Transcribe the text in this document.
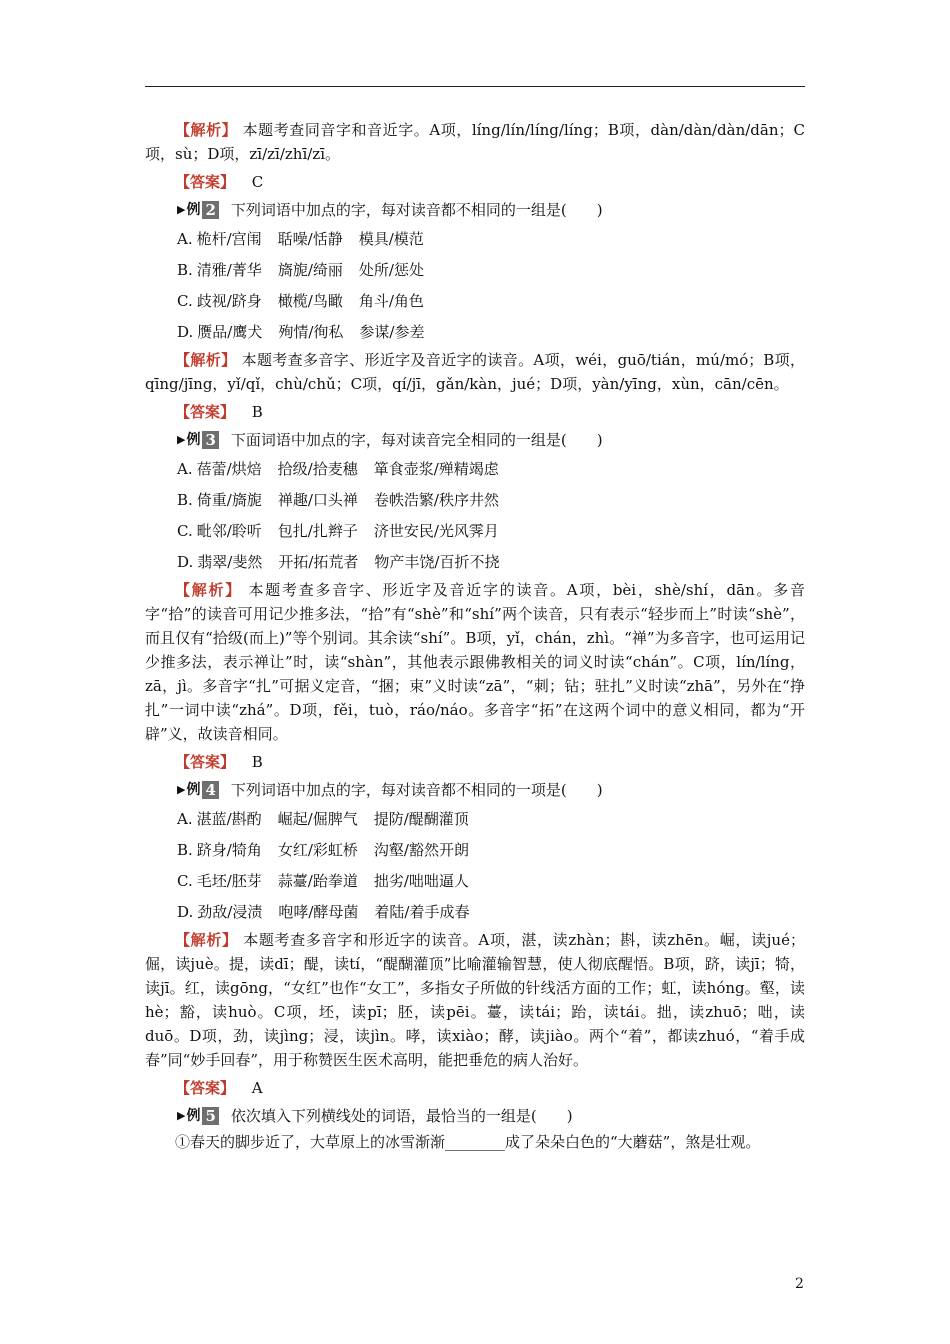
【解析】 本题考查同音字和音近字。A项，líng/lín/líng/líng；B项，dàn/dàn/dàn/dān；C项，sù；D项，zī/zī/zhī/zī。

【答案】 C

▶ 例 2 下列词语中加点的字，每对读音都不相同的一组是(　　)
A. 桅杆/宫闱 聒噪/恬静 模具/模范
B. 清雅/菁华 旖旎/绮丽 处所/惩处
C. 歧视/跻身 橄榄/鸟瞰 角斗/角色
D. 赝品/鹰犬 殉情/徇私 参谋/参差

【解析】 本题考查多音字、形近字及音近字的读音。A项，wéi，guō/tián，mú/mó；B项，qīng/jīng，yǐ/qǐ，chù/chǔ；C项，qí/jī，gǎn/kàn，jué；D项，yàn/yīng，xùn，cān/cēn。

【答案】 B

▶ 例 3 下面词语中加点的字，每对读音完全相同的一组是(　　)
A. 蓓蕾/烘焙 拾级/拾麦穗 箪食壶浆/殚精竭虑
B. 倚重/旖旎 禅趣/口头禅 卷帙浩繁/秩序井然
C. 毗邻/聆听 包扎/扎辫子 济世安民/光风霁月
D. 翡翠/斐然 开拓/拓荒者 物产丰饶/百折不挠

【解析】 本题考查多音字、形近字及音近字的读音。A项，bèi，shè/shí，dān。多音字“拾”的读音可用记少推多法，“拾”有“shè”和“shí”两个读音，只有表示“轻步而上”时读“shè”，而且仅有“拾级(而上)”等个别词。其余读“shí”。B项，yǐ，chán，zhì。“禅”为多音字，也可运用记少推多法，表示禅让”时，读“shàn”，其他表示跟佛教相关的词义时读“chán”。C项，lín/líng，zā，jì。多音字“扎”可据义定音，“捆；束”义时读“zā”，“刺；钻；驻扎”义时读“zhā”，另外在“挣扎”一词中读“zhá”。D项，fěi，tuò，ráo/náo。多音字“拓”在这两个词中的意义相同，都为“开辟”义，故读音相同。

【答案】 B

▶ 例 4 下列词语中加点的字，每对读音都不相同的一项是(　　)
A. 湛蓝/斟酌 崛起/倔脾气 提防/醍醐灌顶
B. 跻身/犄角 女红/彩虹桥 沟壑/豁然开朗
C. 毛坯/胚芽 蒜薹/跆拳道 拙劣/咄咄逼人
D. 劲敌/浸渍 咆哮/酵母菌 着陆/着手成春

【解析】 本题考查多音字和形近字的读音。A项，湛，读zhàn；斟，读zhēn。崛，读jué；倔，读juè。提，读dī；醍，读tí，“醍醐灌顶”比喻灌输智慧，使人彻底醒悟。B项，跻，读jī；犄，读jī。红，读gōng，“女红”也作“女工”，多指女子所做的针线活方面的工作；虹，读hóng。壑，读hè；豁，读huò。C项，坯，读pī；胚，读pēi。薹，读tái；跆，读tái。拙，读zhuō；咄，读duō。D项，劲，读jìng；浸，读jìn。哮，读xiào；酵，读jiào。两个“着”，都读zhuó，“着手成春”同“妙手回春”，用于称赞医生医术高明，能把垂危的病人治好。

【答案】 A

▶ 例 5 依次填入下列横线处的词语，最恰当的一组是(　　)

①春天的脚步近了，大草原上的冰雪渐渐________成了朵朵白色的“大蘑菇”，煞是壮观。

2
